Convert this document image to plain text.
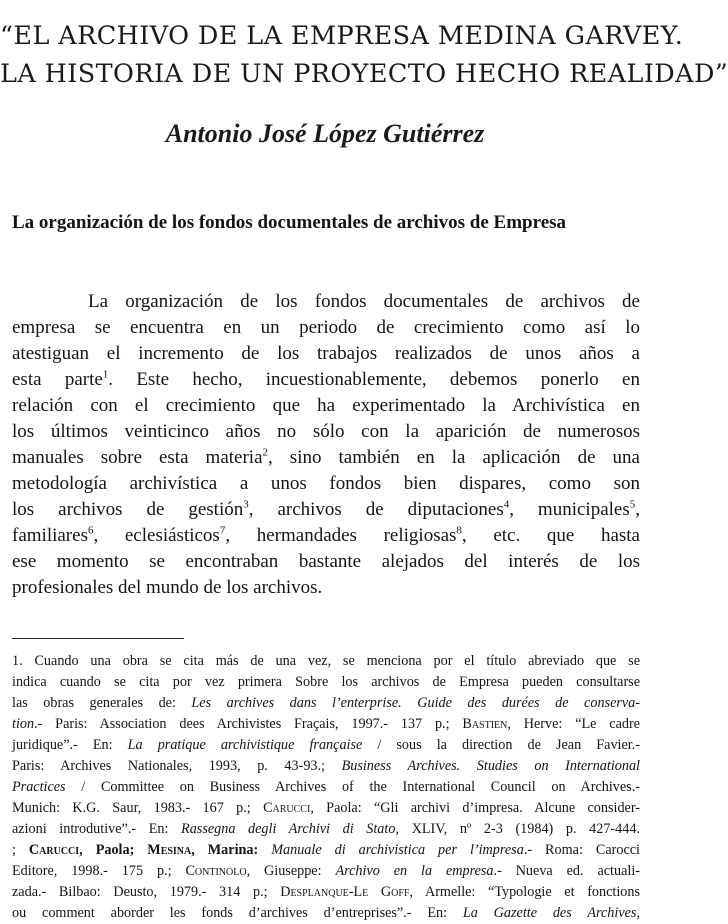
“EL ARCHIVO DE LA EMPRESA MEDINA GARVEY.
LA HISTORIA DE UN PROYECTO HECHO REALIDAD”
Antonio José López Gutiérrez
La organización de los fondos documentales de archivos de Empresa
La organización de los fondos documentales de archivos de
empresa se encuentra en un periodo de crecimiento como así lo
atestiguan el incremento de los trabajos realizados de unos años a
esta parte$^1$. Este hecho, incuestionablemente, debemos ponerlo en
relación con el crecimiento que ha experimentado la Archivística en
los últimos veinticinco años no sólo con la aparición de numerosos
manuales sobre esta materia$^2$, sino también en la aplicación de una
metodología archivística a unos fondos bien dispares, como son
los archivos de gestión$^3$, archivos de diputaciones$^4$, municipales$^5$,
familiares$^6$, eclesiásticos$^7$, hermandades religiosas$^8$, etc. que hasta
ese momento se encontraban bastante alejados del interés de los
profesionales del mundo de los archivos.
1. Cuando una obra se cita más de una vez, se menciona por el título abreviado que se
indica cuando se cita por vez primera Sobre los archivos de Empresa pueden consultarse
las obras generales de: Les archives dans l’enterprise. Guide des durées de conserva-
tion.- Paris: Association dees Archivistes Fraçais, 1997.- 137 p.; Bastien, Herve: “Le cadre
juridique”.- En: La pratique archivistique française / sous la direction de Jean Favier.-
Paris: Archives Nationales, 1993, p. 43-93.; Business Archives. Studies on International
Practices / Committee on Business Archives of the International Council on Archives.-
Munich: K.G. Saur, 1983.- 167 p.; Carucci, Paola: “Gli archivi d’impresa. Alcune consider-
azioni introdutive”.- En: Rassegna degli Archivi di Stato, XLIV, nº 2-3 (1984) p. 427-444.
; Carucci, Paola; Mesina, Marina: Manuale di archivistica per l’impresa.- Roma: Carocci
Editore, 1998.- 175 p.; Continolo, Giuseppe: Archivo en la empresa.- Nueva ed. actuali-
zada.- Bilbao: Deusto, 1979.- 314 p.; Desplanque-Le Goff, Armelle: “Typologie et fonctions
ou comment aborder les fonds d’archives d’entreprises”.- En: La Gazette des Archives,
